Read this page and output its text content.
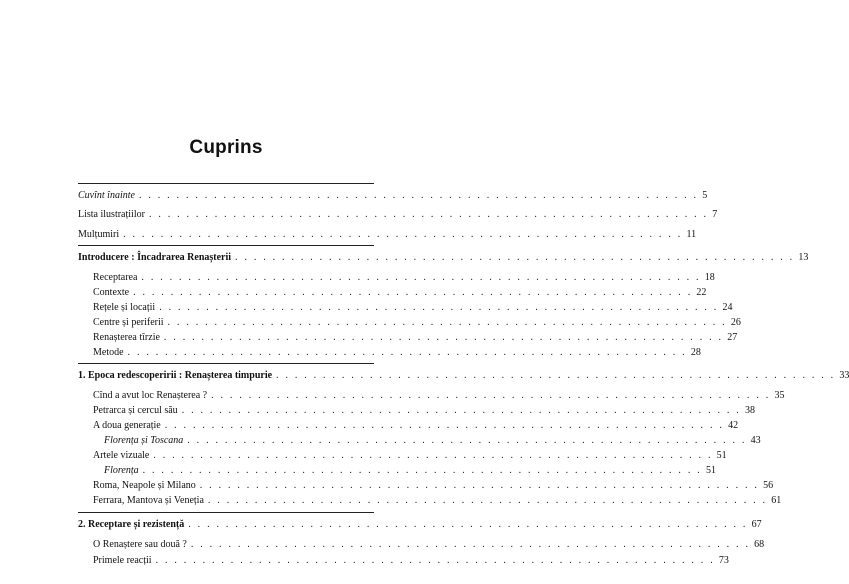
Cuprins
Cuvînt înainte . . . . . . . . . . . . . . . . . . . . . . . . . . . . . . . . . . . . . . . . . . . . . . . . . . . . . . . . . . . . 5
Lista ilustrațiilor . . . . . . . . . . . . . . . . . . . . . . . . . . . . . . . . . . . . . . . . . . . . . . . . . . . . . . . . . . . . 7
Mulțumiri . . . . . . . . . . . . . . . . . . . . . . . . . . . . . . . . . . . . . . . . . . . . . . . . . . . . . . . . . . . . 11
Introducere : Încadrarea Renașterii . . . . . . . . . . . . . . . . . . . . . . . . . . . . . . . . . . . . . . . . . . . . . . . . . . . . . . . . . . . . 13
Receptarea . . . . . . . . . . . . . . . . . . . . . . . . . . . . . . . . . . . . . . . . . . . . . . . . . . . . . . . . . . . . 18
Contexte . . . . . . . . . . . . . . . . . . . . . . . . . . . . . . . . . . . . . . . . . . . . . . . . . . . . . . . . . . . . 22
Rețele și locații . . . . . . . . . . . . . . . . . . . . . . . . . . . . . . . . . . . . . . . . . . . . . . . . . . . . . . . . . . . . 24
Centre și periferii . . . . . . . . . . . . . . . . . . . . . . . . . . . . . . . . . . . . . . . . . . . . . . . . . . . . . . . . . . . . 26
Renașterea tîrzie . . . . . . . . . . . . . . . . . . . . . . . . . . . . . . . . . . . . . . . . . . . . . . . . . . . . . . . . . . . . 27
Metode . . . . . . . . . . . . . . . . . . . . . . . . . . . . . . . . . . . . . . . . . . . . . . . . . . . . . . . . . . . . 28
1. Epoca redescoperirii : Renașterea timpurie . . . . . . . . . . . . . . . . . . . . . . . . . . . . . . . . . . . . . . . . . . . . . . . . . . . . . . . . . . . . 33
Cînd a avut loc Renașterea ? . . . . . . . . . . . . . . . . . . . . . . . . . . . . . . . . . . . . . . . . . . . . . . . . . . . . . . . . . . . . 35
Petrarca și cercul său . . . . . . . . . . . . . . . . . . . . . . . . . . . . . . . . . . . . . . . . . . . . . . . . . . . . . . . . . . . . 38
A doua generație . . . . . . . . . . . . . . . . . . . . . . . . . . . . . . . . . . . . . . . . . . . . . . . . . . . . . . . . . . . . 42
Florența și Toscana . . . . . . . . . . . . . . . . . . . . . . . . . . . . . . . . . . . . . . . . . . . . . . . . . . . . . . . . . . . . 43
Artele vizuale . . . . . . . . . . . . . . . . . . . . . . . . . . . . . . . . . . . . . . . . . . . . . . . . . . . . . . . . . . . . 51
Florența . . . . . . . . . . . . . . . . . . . . . . . . . . . . . . . . . . . . . . . . . . . . . . . . . . . . . . . . . . . . 51
Roma, Neapole și Milano . . . . . . . . . . . . . . . . . . . . . . . . . . . . . . . . . . . . . . . . . . . . . . . . . . . . . . . . . . . . 56
Ferrara, Mantova și Veneția . . . . . . . . . . . . . . . . . . . . . . . . . . . . . . . . . . . . . . . . . . . . . . . . . . . . . . . . . . . . 61
2. Receptare și rezistență . . . . . . . . . . . . . . . . . . . . . . . . . . . . . . . . . . . . . . . . . . . . . . . . . . . . . . . . . . . . 67
O Renaștere sau două ? . . . . . . . . . . . . . . . . . . . . . . . . . . . . . . . . . . . . . . . . . . . . . . . . . . . . . . . . . . . . 68
Primele reacții . . . . . . . . . . . . . . . . . . . . . . . . . . . . . . . . . . . . . . . . . . . . . . . . . . . . . . . . . . . . 73
